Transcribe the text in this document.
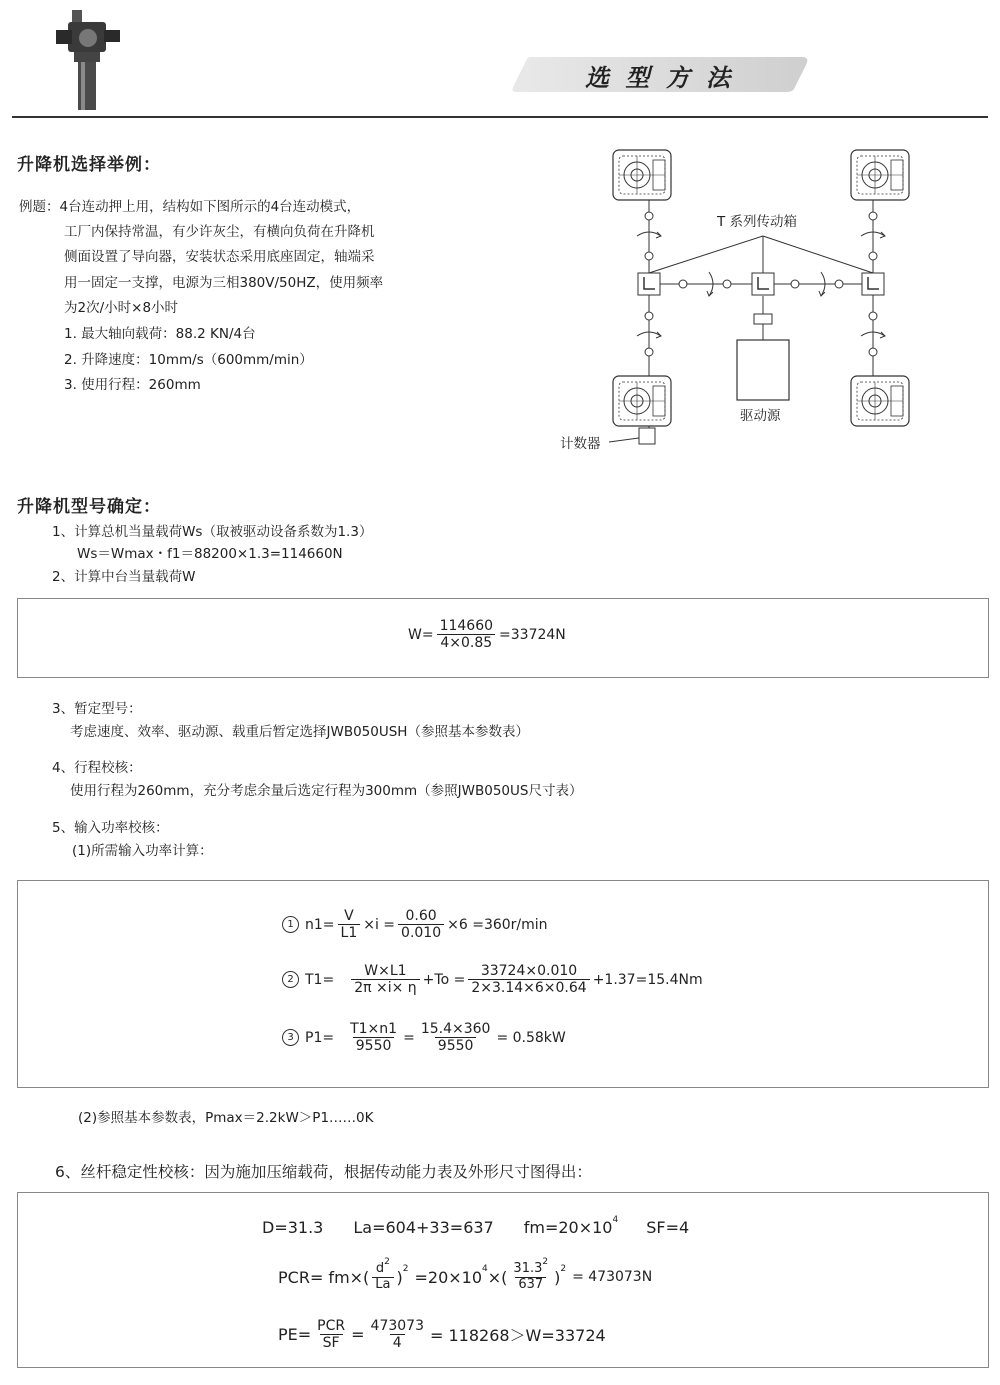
选 型 方 法
升降机选择举例：
例题：4台连动押上用，结构如下图所示的4台连动模式，
工厂内保持常温，有少许灰尘，有横向负荷在升降机
侧面设置了导向器，安装状态采用底座固定，轴端采
用一固定一支撑，电源为三相380V/50HZ，使用频率
为2次/小时×8小时
1. 最大轴向载荷：88.2 KN/4台
2. 升降速度：10mm/s（600mm/min）
3. 使用行程：260mm
T 系列传动箱
驱动源
计数器
升降机型号确定：
1、计算总机当量载荷Ws（取被驱动设备系数为1.3）
Ws＝Wmax・f1＝88200×1.3=114660N
2、计算中台当量载荷W
$W= \frac{114660}{4\times 0.85} =33724N$
3、暂定型号：
考虑速度、效率、驱动源、载重后暂定选择JWB050USH（参照基本参数表）
4、行程校核：
使用行程为260mm，充分考虑余量后选定行程为300mm（参照JWB050US尺寸表）
5、输入功率校核：
(1)所需输入功率计算：
1 $n1= \frac{V}{L1} \times i = \frac{0.60}{0.010} \times 6 =360r/\min$
2 $T1= \frac{W\times L1}{2\pi \times i\times \eta} +To = \frac{33724\times 0.010}{2\times 3.14\times 6\times 0.64} +1.37=15.4Nm$
3 $P1= \frac{T1\times n1}{9550} = \frac{15.4\times 360}{9550} = 0.58kW$
(2)参照基本参数表，Pmax＝2.2kW＞P1……0K
6、丝杆稳定性校核：因为施加压缩载荷，根据传动能力表及外形尺寸图得出：
D=31.3 La=604+33=637 fm=20×10 4 SF=4
$PCR= fm\times( \frac{d^2}{La}$ ) 2 =20×10 4 ×( $\frac{31.3^2}{637}$ ) 2 = 473073N
$PE= \frac{\text{PCR}}{SF} = \frac{473073}{4} = 118268>W=33724$
